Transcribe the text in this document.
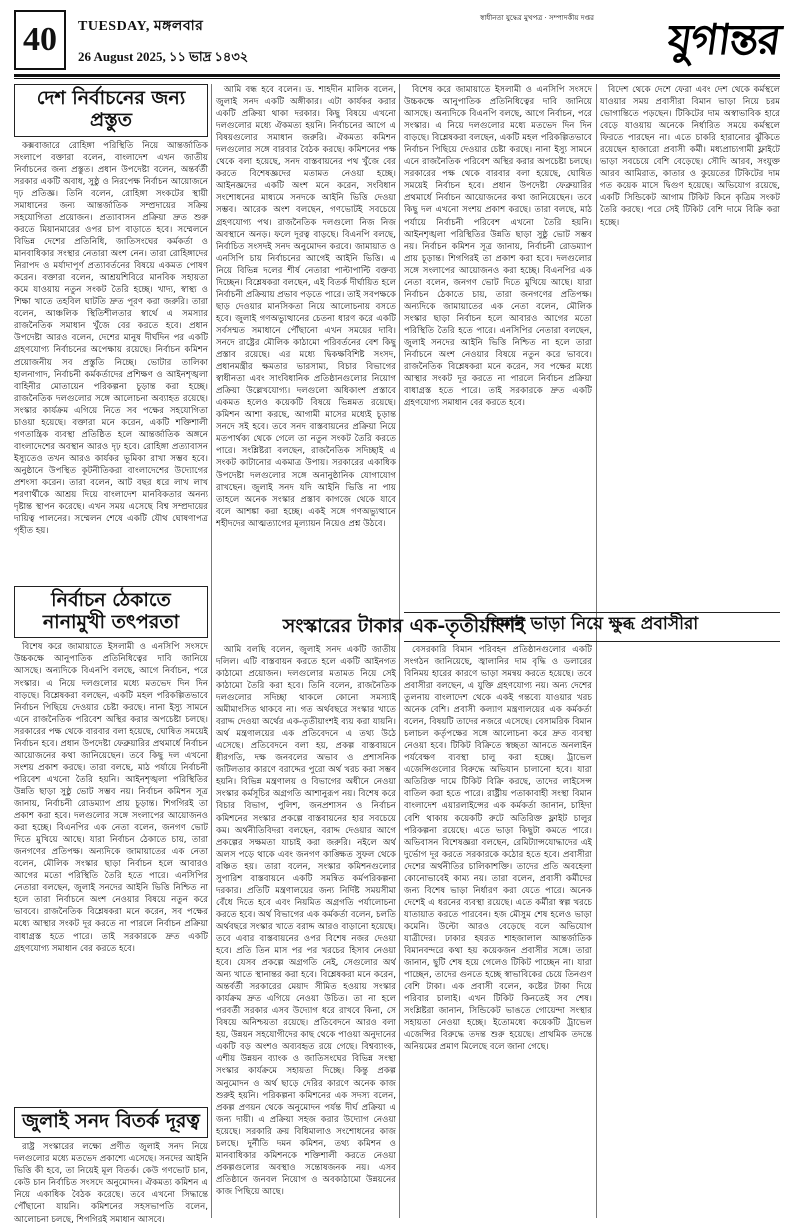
40	TUESDAY, মঙ্গলবার
26 August 2025, ১১ ভাদ্র ১৪৩২
স্বাধীনতা যুদ্ধের মুখপত্র · সম্পাদকীয় দপ্তর	যুগান্তর
দেশ নির্বাচনের জন্য প্রস্তুত
কক্সবাজারে রোহিঙ্গা পরিস্থিতি নিয়ে আন্তর্জাতিক সংলাপে বক্তারা বলেন, বাংলাদেশ এখন জাতীয় নির্বাচনের জন্য প্রস্তুত। প্রধান উপদেষ্টা বলেন, অন্তর্বর্তী সরকার একটি অবাধ, সুষ্ঠু ও নিরপেক্ষ নির্বাচন আয়োজনে দৃঢ় প্রতিজ্ঞ। তিনি বলেন, রোহিঙ্গা সংকটের স্থায়ী সমাধানের জন্য আন্তর্জাতিক সম্প্রদায়ের সক্রিয় সহযোগিতা প্রয়োজন। প্রত্যাবাসন প্রক্রিয়া দ্রুত শুরু করতে মিয়ানমারের ওপর চাপ বাড়াতে হবে। সম্মেলনে বিভিন্ন দেশের প্রতিনিধি, জাতিসংঘের কর্মকর্তা ও মানবাধিকার সংস্থার নেতারা অংশ নেন। তারা রোহিঙ্গাদের নিরাপদ ও মর্যাদাপূর্ণ প্রত্যাবর্তনের বিষয়ে একমত পোষণ করেন। বক্তারা বলেন, আশ্রয়শিবিরে মানবিক সহায়তা কমে যাওয়ায় নতুন সংকট তৈরি হচ্ছে। খাদ্য, স্বাস্থ্য ও শিক্ষা খাতে তহবিল ঘাটতি দ্রুত পূরণ করা জরুরি। তারা বলেন, আঞ্চলিক স্থিতিশীলতার স্বার্থে এ সমস্যার রাজনৈতিক সমাধান খুঁজে বের করতে হবে। প্রধান উপদেষ্টা আরও বলেন, দেশের মানুষ দীর্ঘদিন পর একটি গ্রহণযোগ্য নির্বাচনের অপেক্ষায় রয়েছে। নির্বাচন কমিশন প্রয়োজনীয় সব প্রস্তুতি নিচ্ছে। ভোটার তালিকা হালনাগাদ, নির্বাচনী কর্মকর্তাদের প্রশিক্ষণ ও আইনশৃঙ্খলা বাহিনীর মোতায়েন পরিকল্পনা চূড়ান্ত করা হচ্ছে। রাজনৈতিক দলগুলোর সঙ্গে আলোচনা অব্যাহত রয়েছে। সংস্কার কার্যক্রম এগিয়ে নিতে সব পক্ষের সহযোগিতা চাওয়া হয়েছে। বক্তারা মনে করেন, একটি শক্তিশালী গণতান্ত্রিক ব্যবস্থা প্রতিষ্ঠিত হলে আন্তর্জাতিক অঙ্গনে বাংলাদেশের অবস্থান আরও দৃঢ় হবে। রোহিঙ্গা প্রত্যাবাসন ইস্যুতেও তখন আরও কার্যকর ভূমিকা রাখা সম্ভব হবে। অনুষ্ঠানে উপস্থিত কূটনীতিকরা বাংলাদেশের উদ্যোগের প্রশংসা করেন। তারা বলেন, আট বছর ধরে লাখ লাখ শরণার্থীকে আশ্রয় দিয়ে বাংলাদেশ মানবিকতার অনন্য দৃষ্টান্ত স্থাপন করেছে। এখন সময় এসেছে বিশ্ব সম্প্রদায়ের দায়িত্ব পালনের। সম্মেলন শেষে একটি যৌথ ঘোষণাপত্র গৃহীত হয়।
নির্বাচন ঠেকাতে নানামুখী তৎপরতা
বিশেষ করে জামায়াতে ইসলামী ও এনসিপি সংসদে উচ্চকক্ষে আনুপাতিক প্রতিনিধিত্বের দাবি জানিয়ে আসছে। অন্যদিকে বিএনপি বলছে, আগে নির্বাচন, পরে সংস্কার। এ নিয়ে দলগুলোর মধ্যে মতভেদ দিন দিন বাড়ছে। বিশ্লেষকরা বলছেন, একটি মহল পরিকল্পিতভাবে নির্বাচন পিছিয়ে দেওয়ার চেষ্টা করছে। নানা ইস্যু সামনে এনে রাজনৈতিক পরিবেশ অস্থির করার অপচেষ্টা চলছে। সরকারের পক্ষ থেকে বারবার বলা হয়েছে, ঘোষিত সময়েই নির্বাচন হবে। প্রধান উপদেষ্টা ফেব্রুয়ারির প্রথমার্ধে নির্বাচন আয়োজনের কথা জানিয়েছেন। তবে কিছু দল এখনো সংশয় প্রকাশ করছে। তারা বলছে, মাঠ পর্যায়ে নির্বাচনী পরিবেশ এখনো তৈরি হয়নি। আইনশৃঙ্খলা পরিস্থিতির উন্নতি ছাড়া সুষ্ঠু ভোট সম্ভব নয়। নির্বাচন কমিশন সূত্র জানায়, নির্বাচনী রোডম্যাপ প্রায় চূড়ান্ত। শিগগিরই তা প্রকাশ করা হবে। দলগুলোর সঙ্গে সংলাপের আয়োজনও করা হচ্ছে। বিএনপির এক নেতা বলেন, জনগণ ভোট দিতে মুখিয়ে আছে। যারা নির্বাচন ঠেকাতে চায়, তারা জনগণের প্রতিপক্ষ। অন্যদিকে জামায়াতের এক নেতা বলেন, মৌলিক সংস্কার ছাড়া নির্বাচন হলে আবারও আগের মতো পরিস্থিতি তৈরি হতে পারে। এনসিপির নেতারা বলছেন, জুলাই সনদের আইনি ভিত্তি নিশ্চিত না হলে তারা নির্বাচনে অংশ নেওয়ার বিষয়ে নতুন করে ভাববে। রাজনৈতিক বিশ্লেষকরা মনে করেন, সব পক্ষের মধ্যে আস্থার সংকট দূর করতে না পারলে নির্বাচন প্রক্রিয়া বাধাগ্রস্ত হতে পারে। তাই সরকারকে দ্রুত একটি গ্রহণযোগ্য সমাধান বের করতে হবে।
জুলাই সনদ বিতর্ক দূরত্ব
রাষ্ট্র সংস্কারের লক্ষ্যে প্রণীত জুলাই সনদ নিয়ে দলগুলোর মধ্যে মতভেদ প্রকাশ্যে এসেছে। সনদের আইনি ভিত্তি কী হবে, তা নিয়েই মূল বিতর্ক। কেউ গণভোট চান, কেউ চান নির্বাচিত সংসদে অনুমোদন। ঐকমত্য কমিশন এ নিয়ে একাধিক বৈঠক করেছে। তবে এখনো সিদ্ধান্তে পৌঁছানো যায়নি। কমিশনের সহসভাপতি বলেন, আলোচনা চলছে, শিগগিরই সমাধান আসবে।
আমি বন্ধ হবে বলেন। ড. শাহদীন মালিক বলেন, জুলাই সনদ একটি অঙ্গীকার। এটা কার্যকর করার একটি প্রক্রিয়া থাকা দরকার। কিছু বিষয়ে এখনো দলগুলোর মধ্যে ঐকমত্য হয়নি। নির্বাচনের আগে এ বিষয়গুলোর সমাধান জরুরি। ঐকমত্য কমিশন দলগুলোর সঙ্গে বারবার বৈঠক করছে। কমিশনের পক্ষ থেকে বলা হয়েছে, সনদ বাস্তবায়নের পথ খুঁজে বের করতে বিশেষজ্ঞদের মতামত নেওয়া হচ্ছে। আইনজ্ঞদের একটি অংশ মনে করেন, সংবিধান সংশোধনের মাধ্যমে সনদকে আইনি ভিত্তি দেওয়া সম্ভব। আরেক অংশ বলছেন, গণভোটই সবচেয়ে গ্রহণযোগ্য পথ। রাজনৈতিক দলগুলো নিজ নিজ অবস্থানে অনড়। ফলে দূরত্ব বাড়ছে। বিএনপি বলছে, নির্বাচিত সংসদই সনদ অনুমোদন করবে। জামায়াত ও এনসিপি চায় নির্বাচনের আগেই আইনি ভিত্তি। এ নিয়ে বিভিন্ন দলের শীর্ষ নেতারা পাল্টাপাল্টি বক্তব্য দিচ্ছেন। বিশ্লেষকরা বলছেন, এই বিতর্ক দীর্ঘায়িত হলে নির্বাচনী প্রক্রিয়ায় প্রভাব পড়তে পারে। তাই সবপক্ষকে ছাড় দেওয়ার মানসিকতা নিয়ে আলোচনায় বসতে হবে। জুলাই গণঅভ্যুত্থানের চেতনা ধারণ করে একটি সর্বসম্মত সমাধানে পৌঁছানো এখন সময়ের দাবি। সনদে রাষ্ট্রের মৌলিক কাঠামো পরিবর্তনের বেশ কিছু প্রস্তাব রয়েছে। এর মধ্যে দ্বিকক্ষবিশিষ্ট সংসদ, প্রধানমন্ত্রীর ক্ষমতার ভারসাম্য, বিচার বিভাগের স্বাধীনতা এবং সাংবিধানিক প্রতিষ্ঠানগুলোর নিয়োগ প্রক্রিয়া উল্লেখযোগ্য। দলগুলো অধিকাংশ প্রস্তাবে একমত হলেও কয়েকটি বিষয়ে ভিন্নমত রয়েছে। কমিশন আশা করছে, আগামী মাসের মধ্যেই চূড়ান্ত সনদে সই হবে। তবে সনদ বাস্তবায়নের প্রক্রিয়া নিয়ে মতপার্থক্য থেকে গেলে তা নতুন সংকট তৈরি করতে পারে। সংশ্লিষ্টরা বলছেন, রাজনৈতিক সদিচ্ছাই এ সংকট কাটানোর একমাত্র উপায়। সরকারের একাধিক উপদেষ্টা দলগুলোর সঙ্গে অনানুষ্ঠানিক যোগাযোগ রাখছেন। জুলাই সনদ যদি আইনি ভিত্তি না পায় তাহলে অনেক সংস্কার প্রস্তাব কাগজে থেকে যাবে বলে আশঙ্কা করা হচ্ছে। একই সঙ্গে গণঅভ্যুত্থানে শহীদদের আত্মত্যাগের মূল্যায়ন নিয়েও প্রশ্ন উঠবে।
সংস্কারের টাকার এক-তৃতীয়াংশই
আমি বলছি বলেন, জুলাই সনদ একটি জাতীয় দলিল। এটি বাস্তবায়ন করতে হলে একটি আইনগত কাঠামো প্রয়োজন। দলগুলোর মতামত নিয়ে সেই কাঠামো তৈরি করা হবে। তিনি বলেন, রাজনৈতিক দলগুলোর সদিচ্ছা থাকলে কোনো সমস্যাই অমীমাংসিত থাকবে না। গত অর্থবছরে সংস্কার খাতে বরাদ্দ দেওয়া অর্থের এক-তৃতীয়াংশই ব্যয় করা যায়নি। অর্থ মন্ত্রণালয়ের এক প্রতিবেদনে এ তথ্য উঠে এসেছে। প্রতিবেদনে বলা হয়, প্রকল্প বাস্তবায়নে ধীরগতি, দক্ষ জনবলের অভাব ও প্রশাসনিক জটিলতার কারণে বরাদ্দের পুরো অর্থ খরচ করা সম্ভব হয়নি। বিভিন্ন মন্ত্রণালয় ও বিভাগের অধীনে নেওয়া সংস্কার কর্মসূচির অগ্রগতি আশানুরূপ নয়। বিশেষ করে বিচার বিভাগ, পুলিশ, জনপ্রশাসন ও নির্বাচন কমিশনের সংস্কার প্রকল্পে বাস্তবায়নের হার সবচেয়ে কম। অর্থনীতিবিদরা বলছেন, বরাদ্দ দেওয়ার আগে প্রকল্পের সক্ষমতা যাচাই করা জরুরি। নইলে অর্থ অলস পড়ে থাকে এবং জনগণ কাঙ্ক্ষিত সুফল থেকে বঞ্চিত হয়। তারা বলেন, সংস্কার কমিশনগুলোর সুপারিশ বাস্তবায়নে একটি সমন্বিত কর্মপরিকল্পনা দরকার। প্রতিটি মন্ত্রণালয়ের জন্য নির্দিষ্ট সময়সীমা বেঁধে দিতে হবে এবং নিয়মিত অগ্রগতি পর্যালোচনা করতে হবে। অর্থ বিভাগের এক কর্মকর্তা বলেন, চলতি অর্থবছরে সংস্কার খাতে বরাদ্দ আরও বাড়ানো হয়েছে। তবে এবার বাস্তবায়নের ওপর বিশেষ নজর দেওয়া হবে। প্রতি তিন মাস পর পর খরচের হিসাব নেওয়া হবে। যেসব প্রকল্পে অগ্রগতি নেই, সেগুলোর অর্থ অন্য খাতে স্থানান্তর করা হবে। বিশ্লেষকরা মনে করেন, অন্তর্বর্তী সরকারের মেয়াদ সীমিত হওয়ায় সংস্কার কার্যক্রম দ্রুত এগিয়ে নেওয়া উচিত। তা না হলে পরবর্তী সরকার এসব উদ্যোগ ধরে রাখবে কিনা, সে বিষয়ে অনিশ্চয়তা রয়েছে। প্রতিবেদনে আরও বলা হয়, উন্নয়ন সহযোগীদের কাছ থেকে পাওয়া অনুদানের একটি বড় অংশও অব্যবহৃত রয়ে গেছে। বিশ্বব্যাংক, এশীয় উন্নয়ন ব্যাংক ও জাতিসংঘের বিভিন্ন সংস্থা সংস্কার কার্যক্রমে সহায়তা দিচ্ছে। কিন্তু প্রকল্প অনুমোদন ও অর্থ ছাড়ে দেরির কারণে অনেক কাজ শুরুই হয়নি। পরিকল্পনা কমিশনের এক সদস্য বলেন, প্রকল্প প্রণয়ন থেকে অনুমোদন পর্যন্ত দীর্ঘ প্রক্রিয়া এ জন্য দায়ী। এ প্রক্রিয়া সহজ করার উদ্যোগ নেওয়া হয়েছে। সরকারি ক্রয় বিধিমালাও সংশোধনের কাজ চলছে। দুর্নীতি দমন কমিশন, তথ্য কমিশন ও মানবাধিকার কমিশনকে শক্তিশালী করতে নেওয়া প্রকল্পগুলোর অবস্থাও সন্তোষজনক নয়। এসব প্রতিষ্ঠানে জনবল নিয়োগ ও অবকাঠামো উন্নয়নের কাজ পিছিয়ে আছে।
বেসরকারি বিমান পরিবহন প্রতিষ্ঠানগুলোর একটি সংগঠন জানিয়েছে, জ্বালানির দাম বৃদ্ধি ও ডলারের বিনিময় হারের কারণে ভাড়া সমন্বয় করতে হয়েছে। তবে প্রবাসীরা বলছেন, এ যুক্তি গ্রহণযোগ্য নয়। অন্য দেশের তুলনায় বাংলাদেশ থেকে একই গন্তব্যে যাওয়ার খরচ অনেক বেশি। প্রবাসী কল্যাণ মন্ত্রণালয়ের এক কর্মকর্তা বলেন, বিষয়টি তাদের নজরে এসেছে। বেসামরিক বিমান চলাচল কর্তৃপক্ষের সঙ্গে আলোচনা করে দ্রুত ব্যবস্থা নেওয়া হবে। টিকিট বিক্রিতে স্বচ্ছতা আনতে অনলাইন পর্যবেক্ষণ ব্যবস্থা চালু করা হচ্ছে। ট্রাভেল এজেন্সিগুলোর বিরুদ্ধে অভিযান চালানো হবে। যারা অতিরিক্ত দামে টিকিট বিক্রি করছে, তাদের লাইসেন্স বাতিল করা হতে পারে। রাষ্ট্রীয় পতাকাবাহী সংস্থা বিমান বাংলাদেশ এয়ারলাইন্সের এক কর্মকর্তা জানান, চাহিদা বেশি থাকায় কয়েকটি রুটে অতিরিক্ত ফ্লাইট চালুর পরিকল্পনা রয়েছে। এতে ভাড়া কিছুটা কমতে পারে। অভিবাসন বিশেষজ্ঞরা বলছেন, রেমিট্যান্সযোদ্ধাদের এই দুর্ভোগ দূর করতে সরকারকে কঠোর হতে হবে। প্রবাসীরা দেশের অর্থনীতির চালিকাশক্তি। তাদের প্রতি অবহেলা কোনোভাবেই কাম্য নয়। তারা বলেন, প্রবাসী কর্মীদের জন্য বিশেষ ভাড়া নির্ধারণ করা যেতে পারে। অনেক দেশেই এ ধরনের ব্যবস্থা রয়েছে। এতে কর্মীরা স্বল্প খরচে যাতায়াত করতে পারবেন। হজ মৌসুম শেষ হলেও ভাড়া কমেনি। উল্টো আরও বেড়েছে বলে অভিযোগ যাত্রীদের। ঢাকার হযরত শাহজালাল আন্তর্জাতিক বিমানবন্দরে কথা হয় কয়েকজন প্রবাসীর সঙ্গে। তারা জানান, ছুটি শেষ হয়ে গেলেও টিকিট পাচ্ছেন না। যারা পাচ্ছেন, তাদের গুনতে হচ্ছে স্বাভাবিকের চেয়ে তিনগুণ বেশি টাকা। এক প্রবাসী বলেন, কষ্টের টাকা দিয়ে পরিবার চালাই। এখন টিকিট কিনতেই সব শেষ। সংশ্লিষ্টরা জানান, সিন্ডিকেট ভাঙতে গোয়েন্দা সংস্থার সহায়তা নেওয়া হচ্ছে। ইতোমধ্যে কয়েকটি ট্রাভেল এজেন্সির বিরুদ্ধে তদন্ত শুরু হয়েছে। প্রাথমিক তদন্তে অনিয়মের প্রমাণ মিলেছে বলে জানা গেছে।
বিশেষ করে জামায়াতে ইসলামী ও এনসিপি সংসদে উচ্চকক্ষে আনুপাতিক প্রতিনিধিত্বের দাবি জানিয়ে আসছে। অন্যদিকে বিএনপি বলছে, আগে নির্বাচন, পরে সংস্কার। এ নিয়ে দলগুলোর মধ্যে মতভেদ দিন দিন বাড়ছে। বিশ্লেষকরা বলছেন, একটি মহল পরিকল্পিতভাবে নির্বাচন পিছিয়ে দেওয়ার চেষ্টা করছে। নানা ইস্যু সামনে এনে রাজনৈতিক পরিবেশ অস্থির করার অপচেষ্টা চলছে। সরকারের পক্ষ থেকে বারবার বলা হয়েছে, ঘোষিত সময়েই নির্বাচন হবে। প্রধান উপদেষ্টা ফেব্রুয়ারির প্রথমার্ধে নির্বাচন আয়োজনের কথা জানিয়েছেন। তবে কিছু দল এখনো সংশয় প্রকাশ করছে। তারা বলছে, মাঠ পর্যায়ে নির্বাচনী পরিবেশ এখনো তৈরি হয়নি। আইনশৃঙ্খলা পরিস্থিতির উন্নতি ছাড়া সুষ্ঠু ভোট সম্ভব নয়। নির্বাচন কমিশন সূত্র জানায়, নির্বাচনী রোডম্যাপ প্রায় চূড়ান্ত। শিগগিরই তা প্রকাশ করা হবে। দলগুলোর সঙ্গে সংলাপের আয়োজনও করা হচ্ছে। বিএনপির এক নেতা বলেন, জনগণ ভোট দিতে মুখিয়ে আছে। যারা নির্বাচন ঠেকাতে চায়, তারা জনগণের প্রতিপক্ষ। অন্যদিকে জামায়াতের এক নেতা বলেন, মৌলিক সংস্কার ছাড়া নির্বাচন হলে আবারও আগের মতো পরিস্থিতি তৈরি হতে পারে। এনসিপির নেতারা বলছেন, জুলাই সনদের আইনি ভিত্তি নিশ্চিত না হলে তারা নির্বাচনে অংশ নেওয়ার বিষয়ে নতুন করে ভাববে। রাজনৈতিক বিশ্লেষকরা মনে করেন, সব পক্ষের মধ্যে আস্থার সংকট দূর করতে না পারলে নির্বাচন প্রক্রিয়া বাধাগ্রস্ত হতে পারে। তাই সরকারকে দ্রুত একটি গ্রহণযোগ্য সমাধান বের করতে হবে।
বিদেশ থেকে দেশে ফেরা এবং দেশ থেকে কর্মস্থলে যাওয়ার সময় প্রবাসীরা বিমান ভাড়া নিয়ে চরম ভোগান্তিতে পড়ছেন। টিকিটের দাম অস্বাভাবিক হারে বেড়ে যাওয়ায় অনেকে নির্ধারিত সময়ে কর্মস্থলে ফিরতে পারছেন না। এতে চাকরি হারানোর ঝুঁকিতে রয়েছেন হাজারো প্রবাসী কর্মী। মধ্যপ্রাচ্যগামী ফ্লাইটে ভাড়া সবচেয়ে বেশি বেড়েছে। সৌদি আরব, সংযুক্ত আরব আমিরাত, কাতার ও কুয়েতের টিকিটের দাম গত কয়েক মাসে দ্বিগুণ হয়েছে। অভিযোগ রয়েছে, একটি সিন্ডিকেট আগাম টিকিট কিনে কৃত্রিম সংকট তৈরি করছে। পরে সেই টিকিট বেশি দামে বিক্রি করা হচ্ছে।
বিমান ভাড়া নিয়ে ক্ষুব্ধ প্রবাসীরা
